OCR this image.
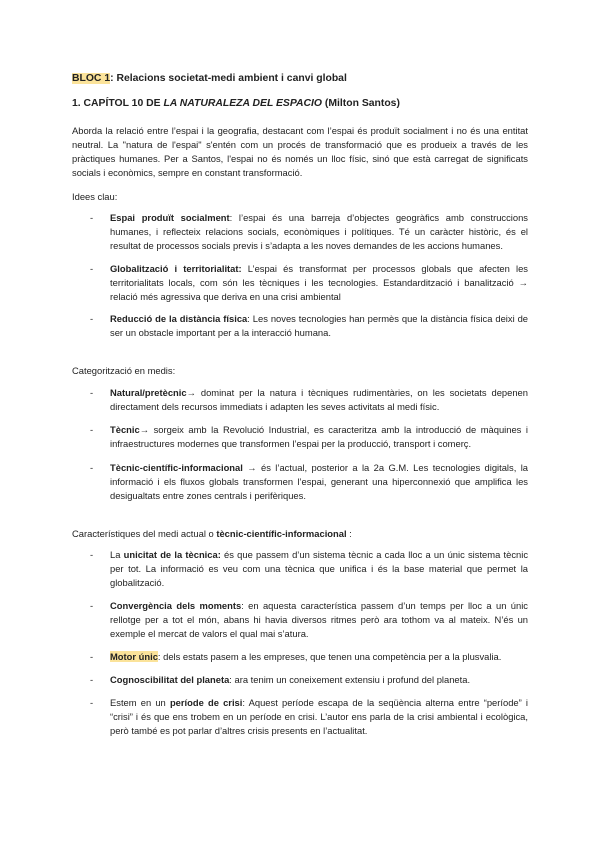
BLOC 1: Relacions societat-medi ambient i canvi global
1. CAPÍTOL 10 DE LA NATURALEZA DEL ESPACIO (Milton Santos)
Aborda la relació entre l’espai i la geografia, destacant com l’espai és produït socialment i no és una entitat neutral. La "natura de l'espai" s'entén com un procés de transformació que es produeix a través de les pràctiques humanes. Per a Santos, l'espai no és només un lloc físic, sinó que està carregat de significats socials i econòmics, sempre en constant transformació.
Idees clau:
- Espai produït socialment: l’espai és una barreja d’objectes geogràfics amb construccions humanes, i reflecteix relacions socials, econòmiques i polítiques. Té un caràcter històric, és el resultat de processos socials previs i s’adapta a les noves demandes de les accions humanes.
- Globalització i territorialitat: L’espai és transformat per processos globals que afecten les territorialitats locals, com són les tècniques i les tecnologies. Estandardització i banalització → relació més agressiva que deriva en una crisi ambiental
- Reducció de la distància física: Les noves tecnologies han permès que la distància física deixi de ser un obstacle important per a la interacció humana.
Categorització en medis:
- Natural/pretècnic→ dominat per la natura i tècniques rudimentàries, on les societats depenen directament dels recursos immediats i adapten les seves activitats al medi físic.
- Tècnic→ sorgeix amb la Revolució Industrial, es caracteritza amb la introducció de màquines i infraestructures modernes que transformen l’espai per la producció, transport i comerç.
- Tècnic-científic-informacional → és l’actual, posterior a la 2a G.M. Les tecnologies digitals, la informació i els fluxos globals transformen l’espai, generant una hiperconnexió que amplifica les desigualtats entre zones centrals i perifèriques.
Característiques del medi actual o tècnic-científic-informacional :
- La unicitat de la tècnica: és que passem d’un sistema tècnic a cada lloc a un únic sistema tècnic per tot. La informació es veu com una tècnica que unifica i és la base material que permet la globalització.
- Convergència dels moments: en aquesta característica passem d’un temps per lloc a un únic rellotge per a tot el món, abans hi havia diversos ritmes però ara tothom va al mateix. N’és un exemple el mercat de valors el qual mai s’atura.
- Motor únic: dels estats pasem a les empreses, que tenen una competència per a la plusvalia.
- Cognoscibilitat del planeta: ara tenim un coneixement extensiu i profund del planeta.
- Estem en un període de crisi: Aquest període escapa de la seqüència alterna entre “període” i “crisi” i és que ens trobem en un període en crisi. L’autor ens parla de la crisi ambiental i ecològica, però també es pot parlar d’altres crisis presents en l’actualitat.
